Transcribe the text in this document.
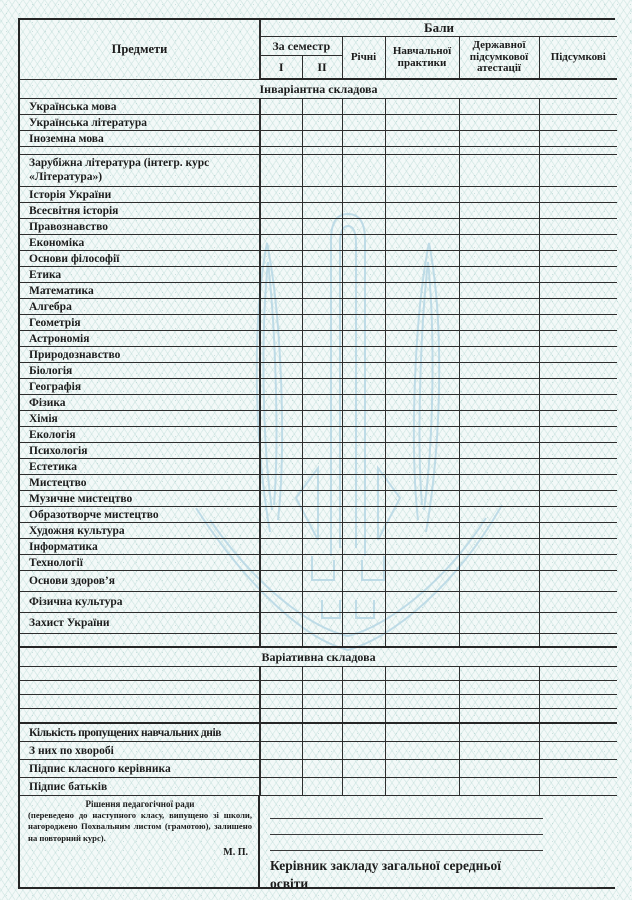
Предмети	Бали					
	За семестр		Річні	Навчальної практики	Державної підсумкової атестації	Підсумкові
	I	II				
Інваріантна складова						
Українська мова						
Українська література						
Іноземна мова						

Зарубіжна література (інтегр. курс «Література»)						
Історія України						
Всесвітня історія						
Правознавство						
Економіка						
Основи філософії						
Етика						
Математика						
Алгебра						
Геометрія						
Астрономія						
Природознавство						
Біологія						
Географія						
Фізика						
Хімія						
Екологія						
Психологія						
Естетика						
Мистецтво						
Музичне мистецтво						
Образотворче мистецтво						
Художня культура						
Інформатика						
Технології						
Основи здоров’я						
Фізична культура						
Захист України						

Варіативна складова						

Кількість пропущених навчальних днів						
З них по хворобі						
Підпис класного керівника						
Підпис батьків						
Рішення педагогічної ради
(переведено до наступного класу, випущено зі школи, нагороджено Похвальним листом (грамотою), залишено на повторний курс).
М. П.
Керівник закладу загальної середньої освіти
